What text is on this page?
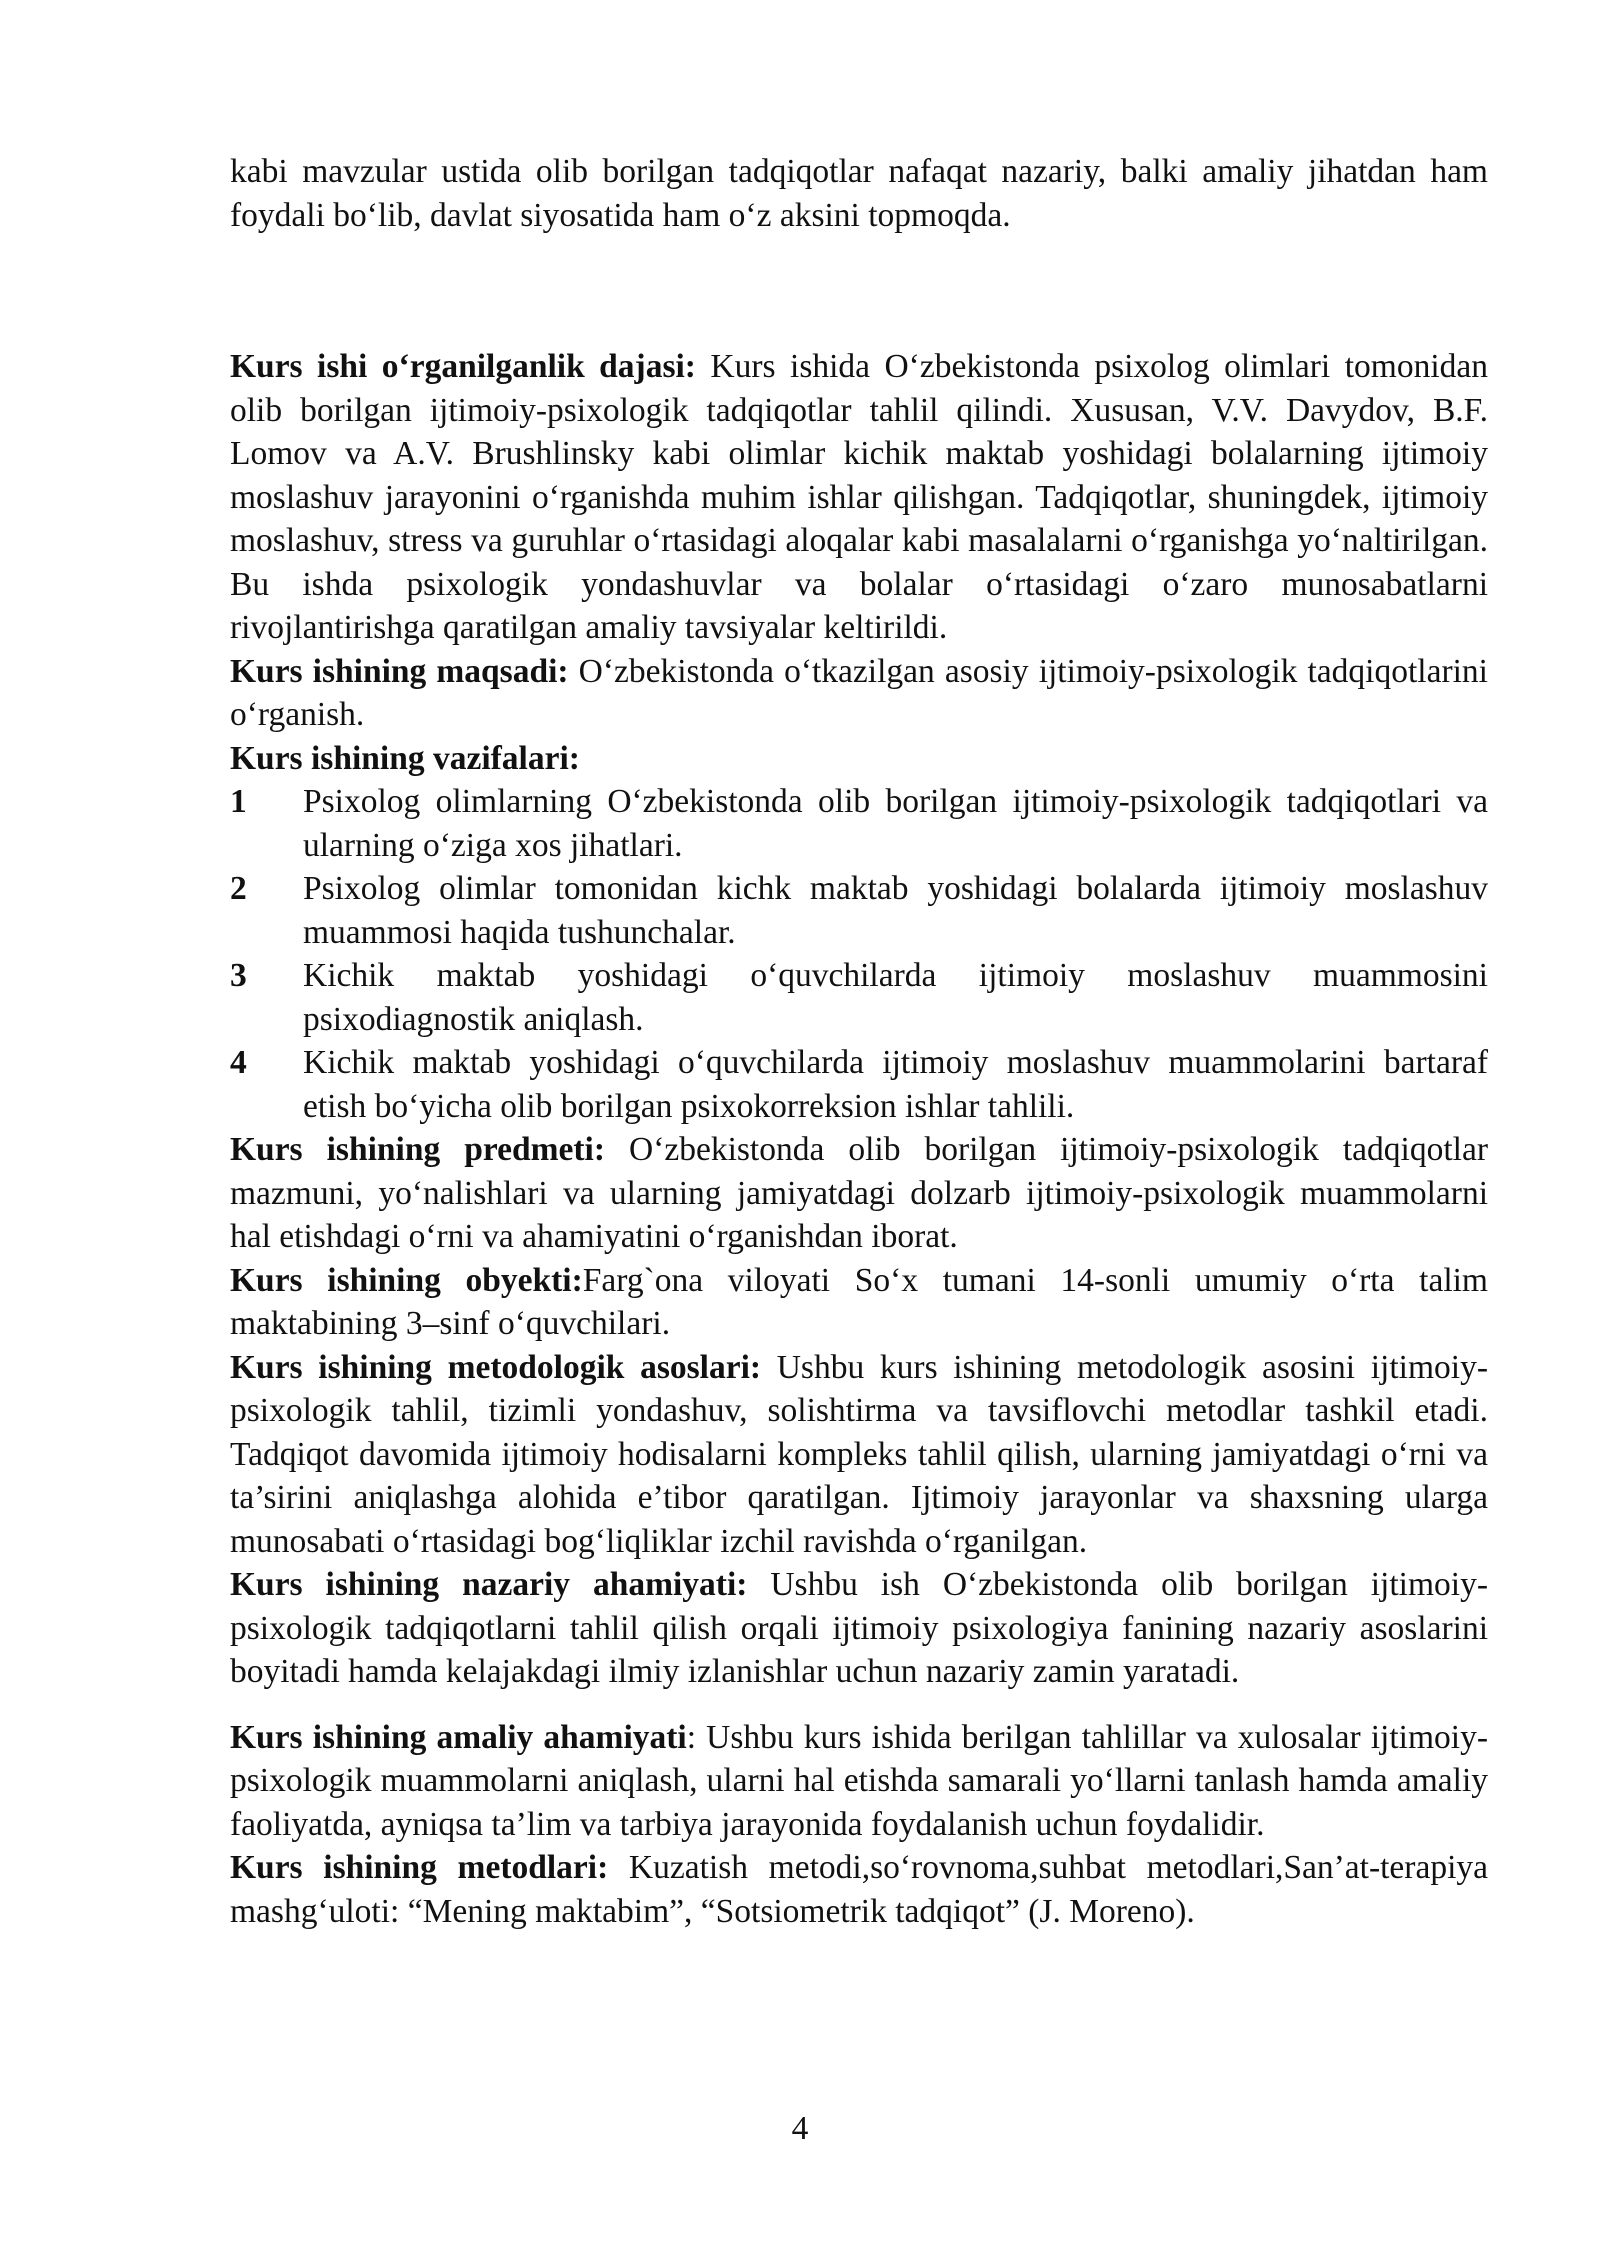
kabi mavzular ustida olib borilgan tadqiqotlar nafaqat nazariy, balki amaliy jihatdan ham foydali bo‘lib, davlat siyosatida ham o‘z aksini topmoqda.

Kurs ishi o‘rganilganlik dajasi: Kurs ishida O‘zbekistonda psixolog olimlari tomonidan olib borilgan ijtimoiy-psixologik tadqiqotlar tahlil qilindi. Xususan, V.V. Davydov, B.F. Lomov va A.V. Brushlinsky kabi olimlar kichik maktab yoshidagi bolalarning ijtimoiy moslashuv jarayonini o‘rganishda muhim ishlar qilishgan. Tadqiqotlar, shuningdek, ijtimoiy moslashuv, stress va guruhlar o‘rtasidagi aloqalar kabi masalalarni o‘rganishga yo‘naltirilgan. Bu ishda psixologik yondashuvlar va bolalar o‘rtasidagi o‘zaro munosabatlarni rivojlantirishga qaratilgan amaliy tavsiyalar keltirildi.

Kurs ishining maqsadi: O‘zbekistonda o‘tkazilgan asosiy ijtimoiy-psixologik tadqiqotlarini o‘rganish.

Kurs ishining vazifalari:

1 Psixolog olimlarning O‘zbekistonda olib borilgan ijtimoiy-psixologik tadqiqotlari va ularning o‘ziga xos jihatlari.
2 Psixolog olimlar tomonidan kichk maktab yoshidagi bolalarda ijtimoiy moslashuv muammosi haqida tushunchalar.
3 Kichik maktab yoshidagi o‘quvchilarda ijtimoiy moslashuv muammosini psixodiagnostik aniqlash.
4 Kichik maktab yoshidagi o‘quvchilarda ijtimoiy moslashuv muammolarini bartaraf etish bo‘yicha olib borilgan psixokorreksion ishlar tahlili.

Kurs ishining predmeti: O‘zbekistonda olib borilgan ijtimoiy-psixologik tadqiqotlar mazmuni, yo‘nalishlari va ularning jamiyatdagi dolzarb ijtimoiy-psixologik muammolarni hal etishdagi o‘rni va ahamiyatini o‘rganishdan iborat.

Kurs ishining obyekti:Farg`ona viloyati So‘x tumani 14-sonli umumiy o‘rta talim maktabining 3–sinf o‘quvchilari.

Kurs ishining metodologik asoslari: Ushbu kurs ishining metodologik asosini ijtimoiy-psixologik tahlil, tizimli yondashuv, solishtirma va tavsiflovchi metodlar tashkil etadi. Tadqiqot davomida ijtimoiy hodisalarni kompleks tahlil qilish, ularning jamiyatdagi o‘rni va ta’sirini aniqlashga alohida e’tibor qaratilgan. Ijtimoiy jarayonlar va shaxsning ularga munosabati o‘rtasidagi bog‘liqliklar izchil ravishda o‘rganilgan.

Kurs ishining nazariy ahamiyati: Ushbu ish O‘zbekistonda olib borilgan ijtimoiy-psixologik tadqiqotlarni tahlil qilish orqali ijtimoiy psixologiya fanining nazariy asoslarini boyitadi hamda kelajakdagi ilmiy izlanishlar uchun nazariy zamin yaratadi.

Kurs ishining amaliy ahamiyati: Ushbu kurs ishida berilgan tahlillar va xulosalar ijtimoiy-psixologik muammolarni aniqlash, ularni hal etishda samarali yo‘llarni tanlash hamda amaliy faoliyatda, ayniqsa ta’lim va tarbiya jarayonida foydalanish uchun foydalidir.

Kurs ishining metodlari: Kuzatish metodi,so‘rovnoma,suhbat metodlari,San’at-terapiya mashg‘uloti: “Mening maktabim”, “Sotsiometrik tadqiqot” (J. Moreno).

4
